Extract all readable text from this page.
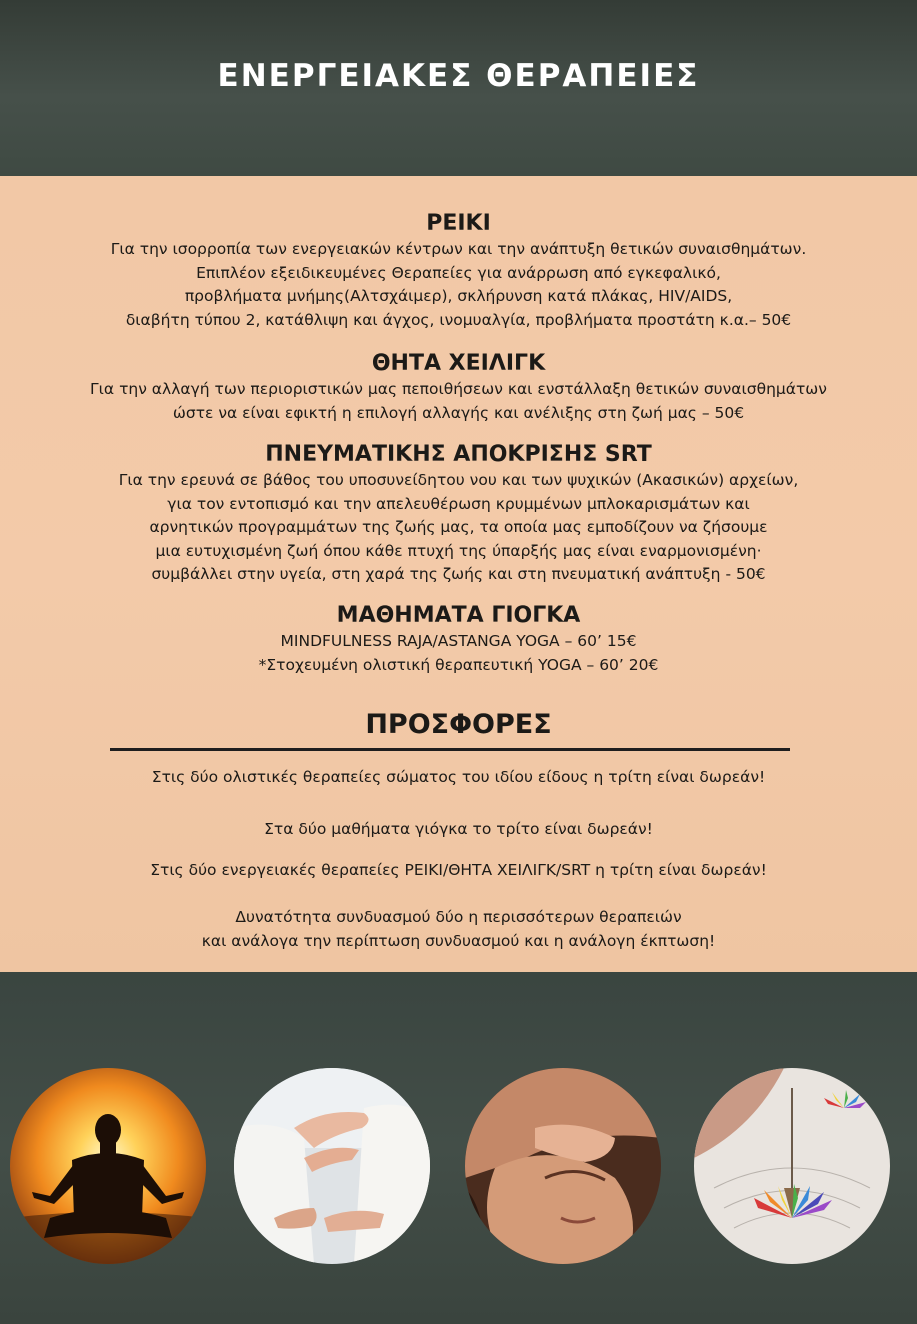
ΕΝΕΡΓΕΙΑΚΕΣ ΘΕΡΑΠΕΙΕΣ
ΡΕΙΚΙ
Για την ισορροπία των ενεργειακών κέντρων και την ανάπτυξη θετικών συναισθημάτων.
Επιπλέον εξειδικευμένες Θεραπείες για ανάρρωση από εγκεφαλικό,
προβλήματα μνήμης(Αλτσχάιμερ), σκλήρυνση κατά πλάκας, HIV/AIDS,
διαβήτη τύπου 2, κατάθλιψη και άγχος, ινομυαλγία, προβλήματα προστάτη κ.α.– 50€
ΘΗΤΑ ΧΕΙΛΙΓΚ
Για την αλλαγή των περιοριστικών μας πεποιθήσεων και ενστάλλαξη θετικών συναισθημάτων
ώστε να είναι εφικτή η επιλογή αλλαγής και ανέλιξης στη ζωή μας – 50€
ΠΝΕΥΜΑΤΙΚΗΣ ΑΠΟΚΡΙΣΗΣ SRT
Για την ερευνά σε βάθος του υποσυνείδητου νου και των ψυχικών (Ακασικών) αρχείων,
για τον εντοπισμό και την απελευθέρωση κρυμμένων μπλοκαρισμάτων και
αρνητικών προγραμμάτων της ζωής μας, τα οποία μας εμποδίζουν να ζήσουμε
μια ευτυχισμένη ζωή όπου κάθε πτυχή της ύπαρξής μας είναι εναρμονισμένη·
συμβάλλει στην υγεία, στη χαρά της ζωής και στη πνευματική ανάπτυξη - 50€
ΜΑΘΗΜΑΤΑ ΓΙΟΓΚΑ
MINDFULNESS RAJA/ASTANGA YOGA – 60’ 15€
*Στοχευμένη ολιστική θεραπευτική YOGA – 60’ 20€
ΠΡΟΣΦΟΡΕΣ
Στις δύο ολιστικές θεραπείες σώματος του ιδίου είδους η τρίτη είναι δωρεάν!
Στα δύο μαθήματα γιόγκα το τρίτο είναι δωρεάν!
Στις δύο ενεργειακές θεραπείες ΡΕΙΚΙ/ΘΗΤΑ ΧΕΙΛΙΓΚ/SRT η τρίτη είναι δωρεάν!
Δυνατότητα συνδυασμού δύο η περισσότερων θεραπειών
και ανάλογα την περίπτωση συνδυασμού και η ανάλογη έκπτωση!
